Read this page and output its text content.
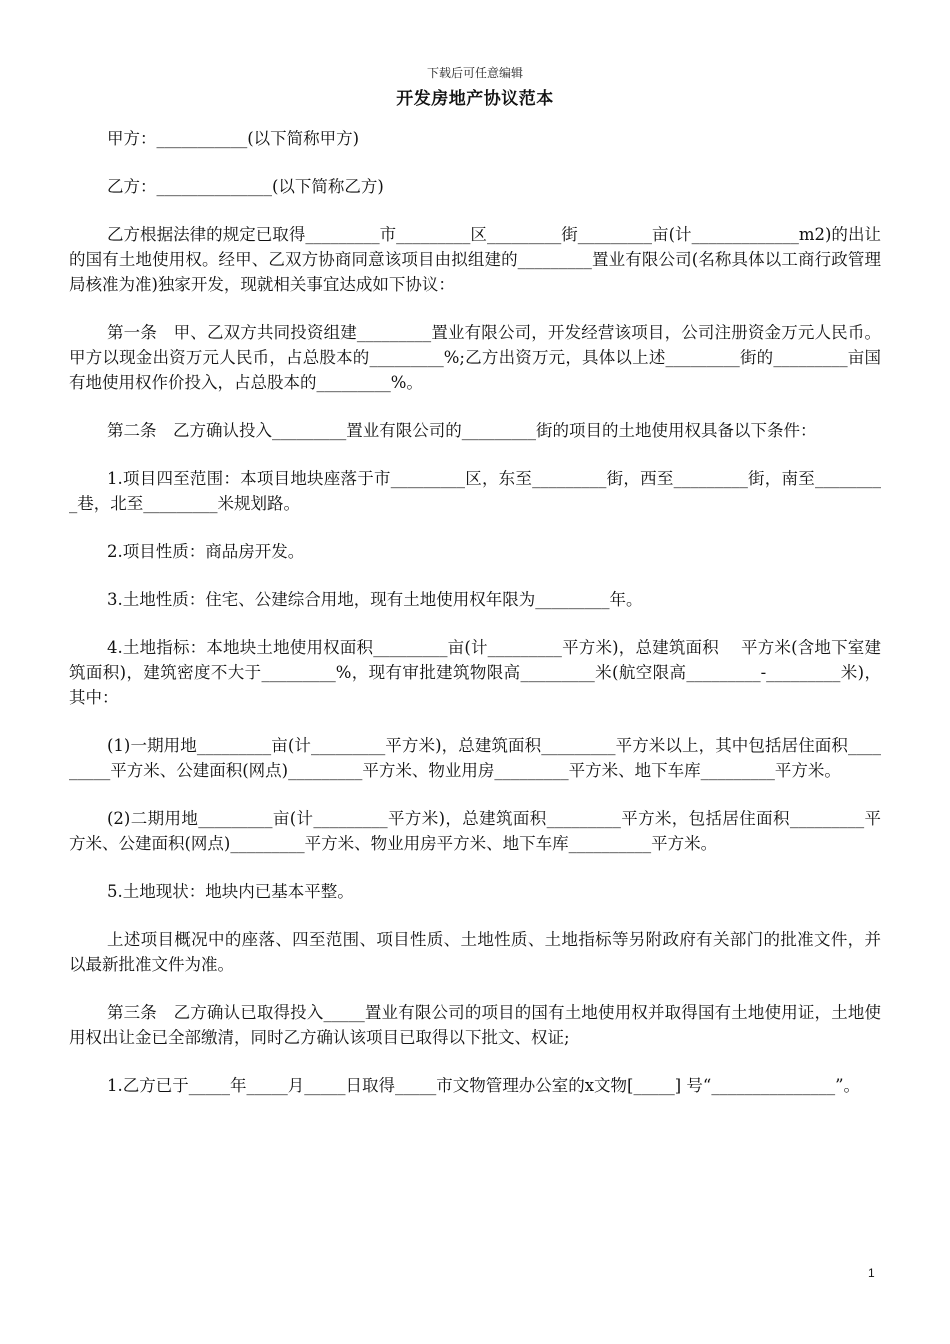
下载后可任意编辑
开发房地产协议范本

甲方：___________(以下简称甲方)

乙方：______________(以下简称乙方)

乙方根据法律的规定已取得_________市_________区_________街_________亩(计_____________m2)的出让的国有土地使用权。经甲、乙双方协商同意该项目由拟组建的_________置业有限公司(名称具体以工商行政管理局核准为准)独家开发，现就相关事宜达成如下协议：

第一条　甲、乙双方共同投资组建_________置业有限公司，开发经营该项目，公司注册资金万元人民币。甲方以现金出资万元人民币，占总股本的_________%;乙方出资万元，具体以上述_________街的_________亩国有地使用权作价投入，占总股本的_________%。

第二条　乙方确认投入_________置业有限公司的_________街的项目的土地使用权具备以下条件：

1.项目四至范围：本项目地块座落于市_________区，东至_________街，西至_________街，南至_________巷，北至_________米规划路。

2.项目性质：商品房开发。

3.土地性质：住宅、公建综合用地，现有土地使用权年限为_________年。

4.土地指标：本地块土地使用权面积_________亩(计_________平方米)，总建筑面积　 平方米(含地下室建筑面积)，建筑密度不大于_________%，现有审批建筑物限高_________米(航空限高_________-_________米)，其中：

(1)一期用地_________亩(计_________平方米)，总建筑面积_________平方米以上，其中包括居住面积_________平方米、公建面积(网点)_________平方米、物业用房_________平方米、地下车库_________平方米。

(2)二期用地_________亩(计_________平方米)，总建筑面积_________平方米，包括居住面积_________平方米、公建面积(网点)_________平方米、物业用房平方米、地下车库__________平方米。

5.土地现状：地块内已基本平整。

上述项目概况中的座落、四至范围、项目性质、土地性质、土地指标等另附政府有关部门的批准文件，并以最新批准文件为准。

第三条　乙方确认已取得投入_____置业有限公司的项目的国有土地使用权并取得国有土地使用证，土地使用权出让金已全部缴清，同时乙方确认该项目已取得以下批文、权证;

1.乙方已于_____年_____月_____日取得_____市文物管理办公室的x文物[_____] 号“_______________”。

1
